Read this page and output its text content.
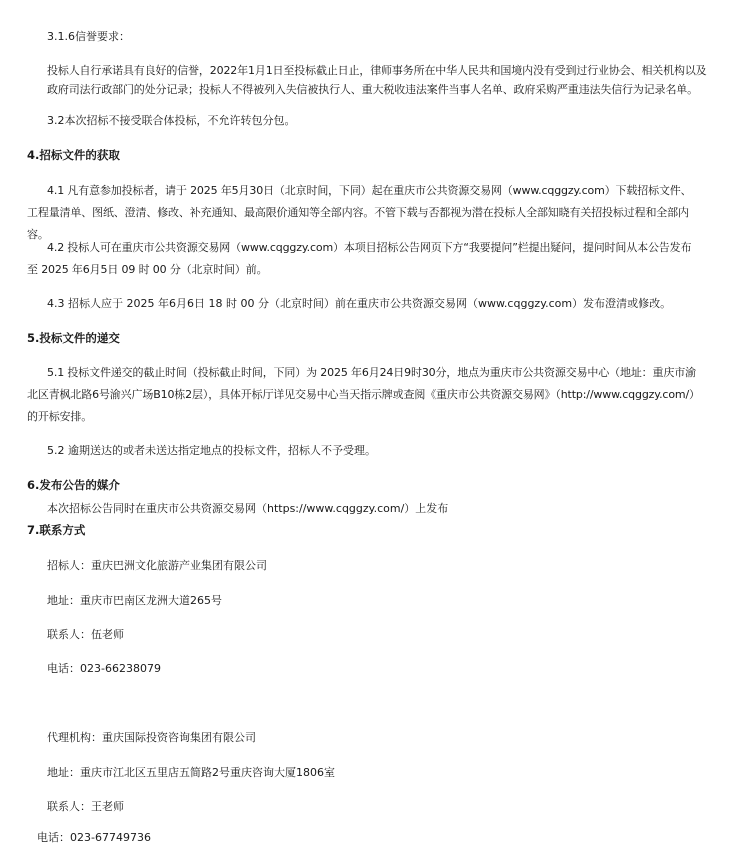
3.1.6信誉要求：
投标人自行承诺具有良好的信誉，2022年1月1日至投标截止日止，律师事务所在中华人民共和国境内没有受到过行业协会、相关机构以及政府司法行政部门的处分记录；投标人不得被列入失信被执行人、重大税收违法案件当事人名单、政府采购严重违法失信行为记录名单。
3.2本次招标不接受联合体投标，不允许转包分包。
4.招标文件的获取
4.1 凡有意参加投标者，请于 2025 年5月30日（北京时间，下同）起在重庆市公共资源交易网（www.cqggzy.com）下载招标文件、工程量清单、图纸、澄清、修改、补充通知、最高限价通知等全部内容。不管下载与否都视为潜在投标人全部知晓有关招投标过程和全部内容。
4.2 投标人可在重庆市公共资源交易网（www.cqggzy.com）本项目招标公告网页下方“我要提问”栏提出疑问，提问时间从本公告发布至 2025 年6月5日 09 时 00 分（北京时间）前。
4.3 招标人应于 2025 年6月6日 18 时 00 分（北京时间）前在重庆市公共资源交易网（www.cqggzy.com）发布澄清或修改。
5.投标文件的递交
5.1 投标文件递交的截止时间（投标截止时间，下同）为 2025 年6月24日9时30分，地点为重庆市公共资源交易中心（地址：重庆市渝北区青枫北路6号渝兴广场B10栋2层），具体开标厅详见交易中心当天指示牌或查阅《重庆市公共资源交易网》（http://www.cqggzy.com/）的开标安排。
5.2 逾期送达的或者未送达指定地点的投标文件，招标人不予受理。
6.发布公告的媒介
本次招标公告同时在重庆市公共资源交易网（https://www.cqggzy.com/）上发布
7.联系方式
招标人：重庆巴洲文化旅游产业集团有限公司
地址：重庆市巴南区龙洲大道265号
联系人：伍老师
电话：023-66238079
代理机构：重庆国际投资咨询集团有限公司
地址：重庆市江北区五里店五简路2号重庆咨询大厦1806室
联系人：王老师
电话：023-67749736
